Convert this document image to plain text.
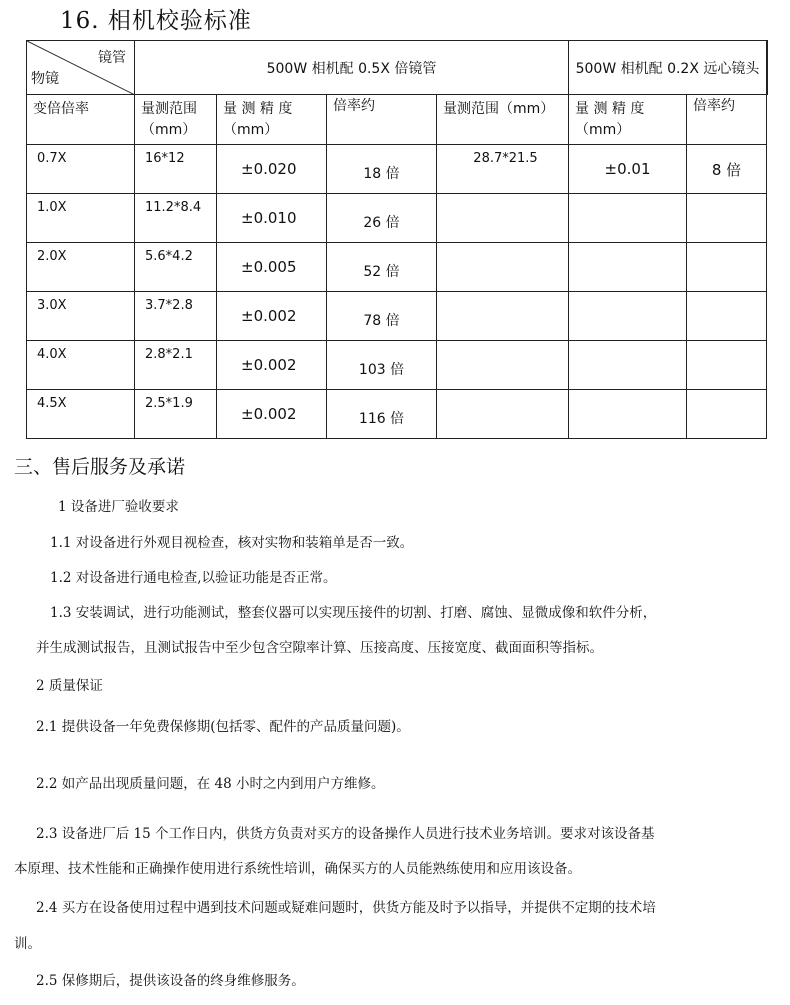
16. 相机校验标准
镜管
物镜	500W 相机配 0.5X 倍镜管				500W 相机配 0.2X 远心镜头		

变倍倍率	量测范围（mm）	量 测 精 度（mm）	倍率约	量测范围（mm）	量 测 精 度（mm）	倍率约	

0.7X	16*12	±0.020	18 倍	28.7*21.5	±0.01	8 倍	
1.0X	11.2*8.4	±0.010	26 倍				
2.0X	5.6*4.2	±0.005	52 倍				
3.0X	3.7*2.8	±0.002	78 倍				
4.0X	2.8*2.1	±0.002	103 倍				
4.5X	2.5*1.9	±0.002	116 倍				
三、售后服务及承诺
1 设备进厂验收要求
1.1 对设备进行外观目视检查，核对实物和装箱单是否一致。
1.2 对设备进行通电检查,以验证功能是否正常。
1.3 安装调试，进行功能测试，整套仪器可以实现压接件的切割、打磨、腐蚀、显微成像和软件分析，
并生成测试报告，且测试报告中至少包含空隙率计算、压接高度、压接宽度、截面面积等指标。
2 质量保证
2.1 提供设备一年免费保修期(包括零、配件的产品质量问题)。
2.2 如产品出现质量问题，在 48 小时之内到用户方维修。
2.3 设备进厂后 15 个工作日内，供货方负责对买方的设备操作人员进行技术业务培训。要求对该设备基
本原理、技术性能和正确操作使用进行系统性培训，确保买方的人员能熟练使用和应用该设备。
2.4 买方在设备使用过程中遇到技术问题或疑难问题时，供货方能及时予以指导，并提供不定期的技术培
训。
2.5 保修期后，提供该设备的终身维修服务。
